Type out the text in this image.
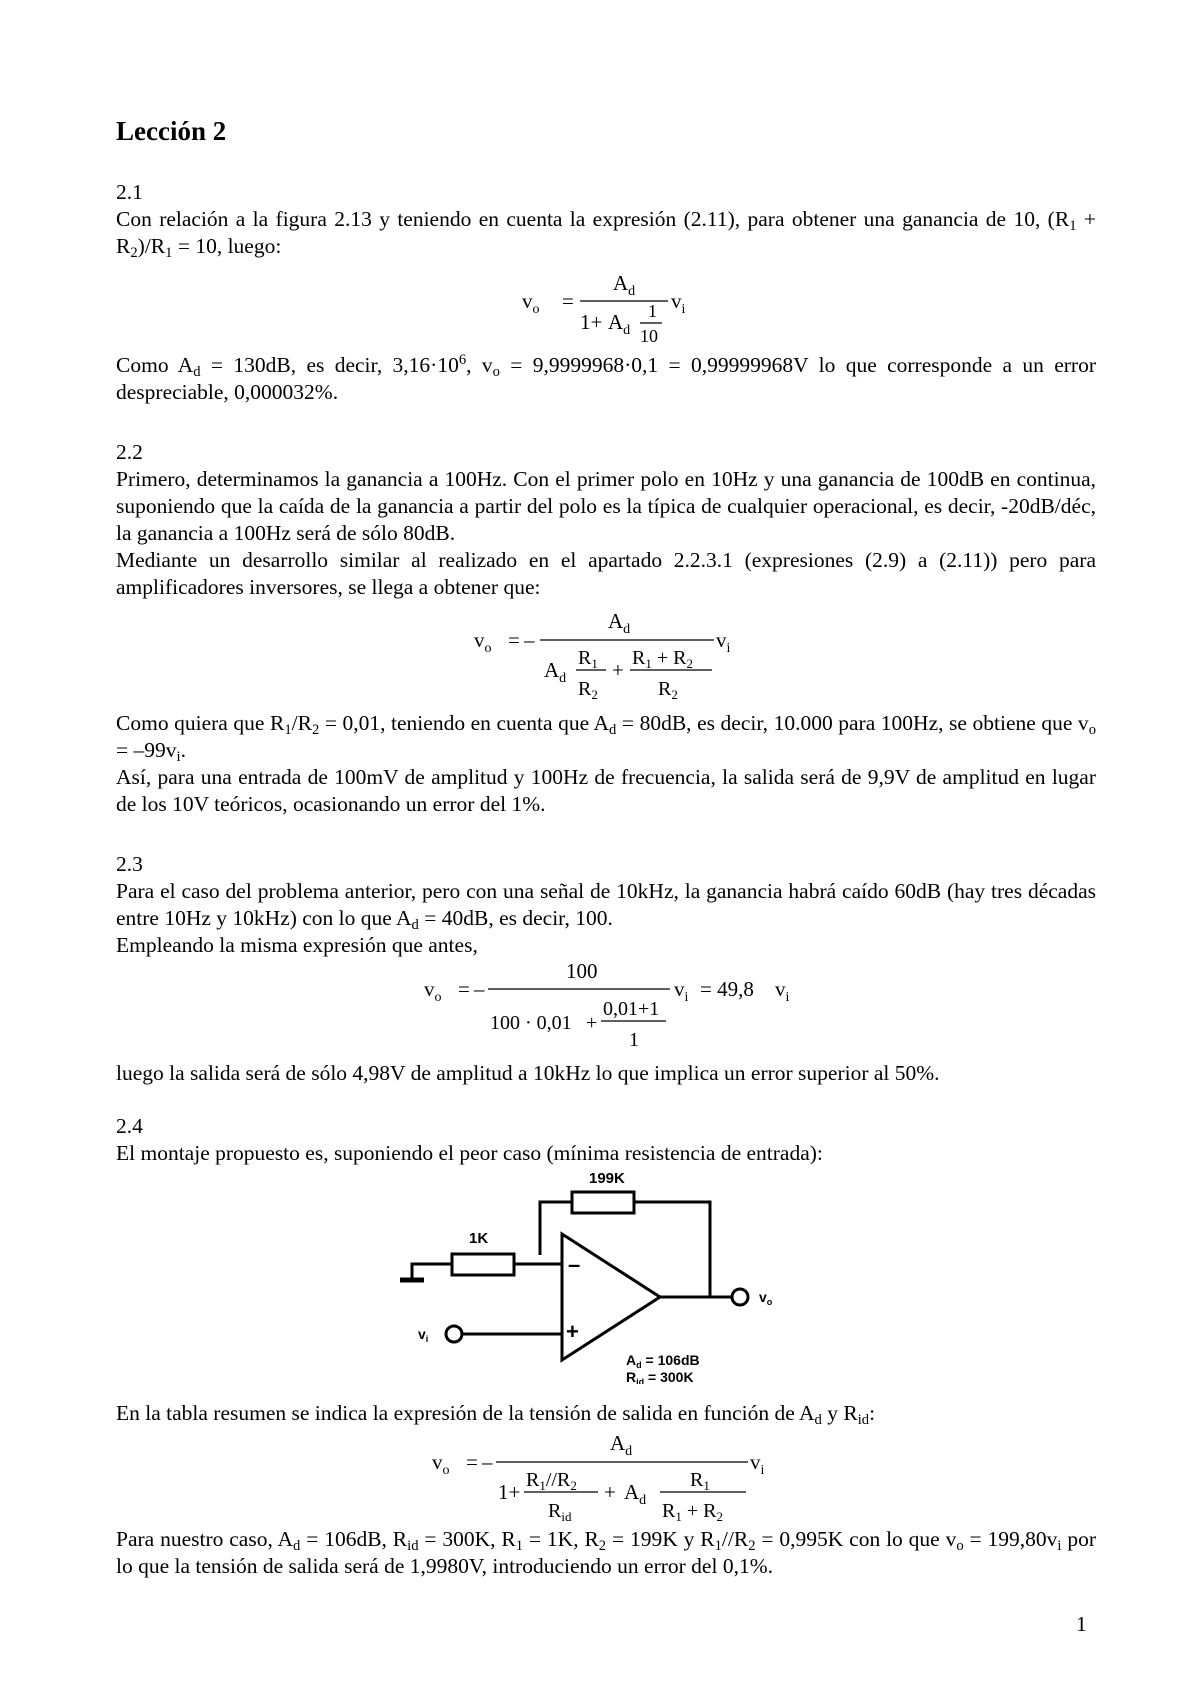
Lección 2
2.1
Con relación a la figura 2.13 y teniendo en cuenta la expresión (2.11), para obtener una ganancia de 10, $(R_1 + R_2)/R_1 = 10$, luego:
$v_o$ =
$A_d$ $v_i$
$1+ A_d$
1
10
Como $A_d = 130dB$, es decir, $3,16\cdot 10^6$, $v_o = 9,9999968\cdot 0,1 = 0,99999968V$ lo que corresponde a un error despreciable, 0,000032%.
2.2
Primero, determinamos la ganancia a 100Hz. Con el primer polo en 10Hz y una ganancia de 100dB en continua, suponiendo que la caída de la ganancia a partir del polo es la típica de cualquier operacional, es decir, -20dB/déc, la ganancia a 100Hz será de sólo 80dB.
Mediante un desarrollo similar al realizado en el apartado 2.2.3.1 (expresiones (2.9) a (2.11)) pero para amplificadores inversores, se llega a obtener que:
$v_o$ = –
$A_d$	$v_i$
$A_d$
$R_1$
$R_2$
+ $R_1 + R_2$
$R_2$
Como quiera que $R_1/R_2 = 0,01$, teniendo en cuenta que $A_d = 80dB$, es decir, 10.000 para 100Hz, se obtiene que $v_o = -99v_i$.
Así, para una entrada de 100mV de amplitud y 100Hz de frecuencia, la salida será de 9,9V de amplitud en lugar de los 10V teóricos, ocasionando un error del 1%.
2.3
Para el caso del problema anterior, pero con una señal de 10kHz, la ganancia habrá caído 60dB (hay tres décadas entre 10Hz y 10kHz) con lo que $A_d = 40dB$, es decir, 100.
Empleando la misma expresión que antes,
$v_o$ = –
100
$v_i = 49,8$ $v_i$
100 · 0,01 +
0,01+1
1
luego la salida será de sólo 4,98V de amplitud a 10kHz lo que implica un error superior al 50%.
2.4
El montaje propuesto es, suponiendo el peor caso (mínima resistencia de entrada):
199K
1K
–
+
$v_o$
$v_i$
$A_d = 106dB$
$R_{id} = 300K$
En la tabla resumen se indica la expresión de la tensión de salida en función de $A_d$ y $R_{id}$:
$v_o$ = –
$A_d$	$v_i$
$1+ R_1//R_2$
$R_{id}$
+ $A_d$
$R_1$
$R_1 + R_2$
Para nuestro caso, $A_d = 106dB$, $R_{id} = 300K$, $R_1 = 1K$, $R_2 = 199K$ y $R_1//R_2 = 0,995K$ con lo que $v_o = 199,80v_i$ por lo que la tensión de salida será de 1,9980V, introduciendo un error del 0,1%.
1
